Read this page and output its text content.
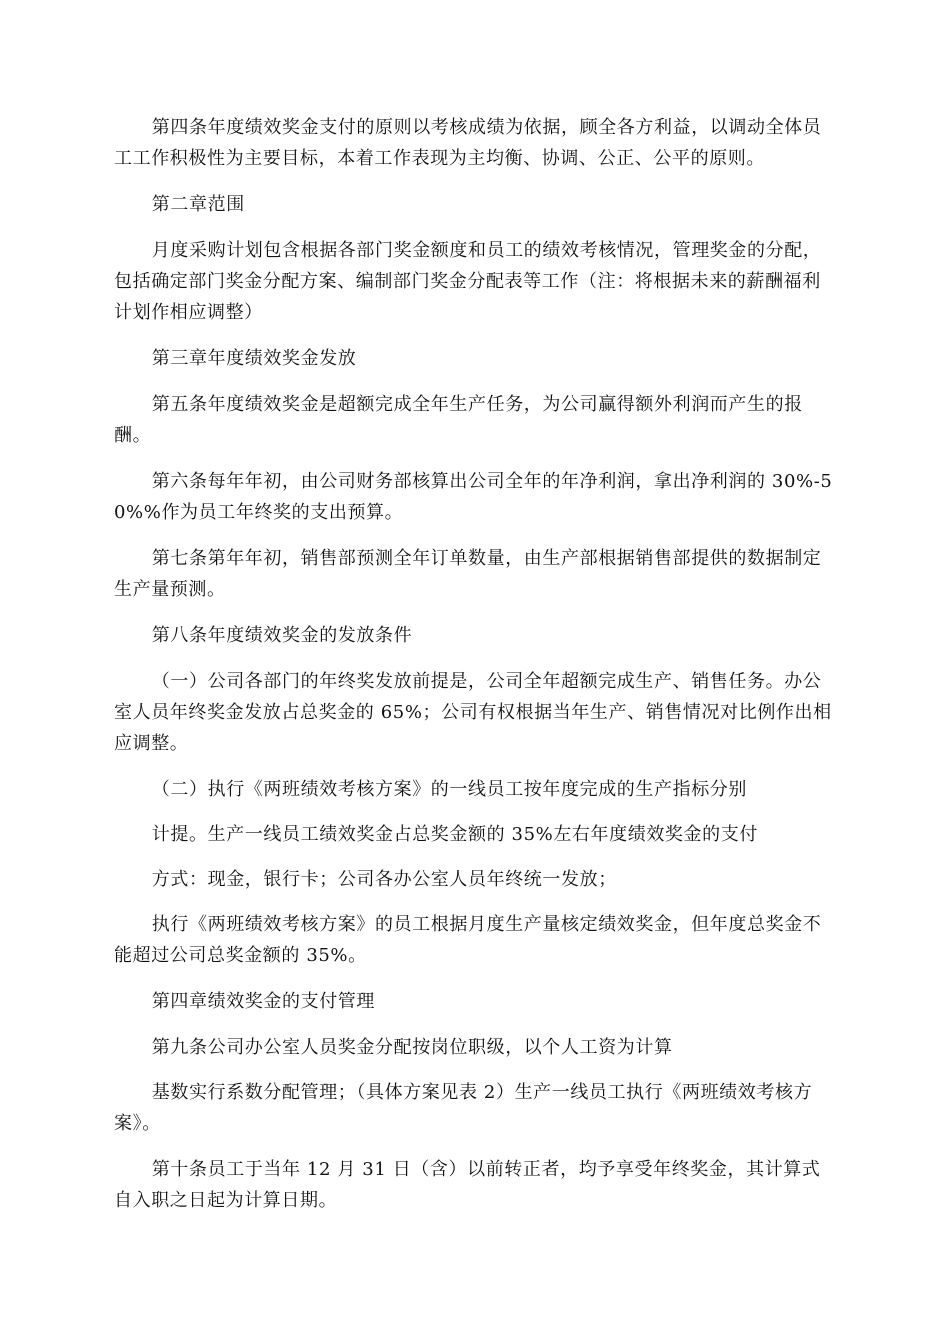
第四条年度绩效奖金支付的原则以考核成绩为依据，顾全各方利益，以调动全体员工工作积极性为主要目标，本着工作表现为主均衡、协调、公正、公平的原则。

第二章范围

月度采购计划包含根据各部门奖金额度和员工的绩效考核情况，管理奖金的分配，包括确定部门奖金分配方案、编制部门奖金分配表等工作（注：将根据未来的薪酬福利计划作相应调整）

第三章年度绩效奖金发放

第五条年度绩效奖金是超额完成全年生产任务，为公司赢得额外利润而产生的报酬。

第六条每年年初，由公司财务部核算出公司全年的年净利润，拿出净利润的 30%-50%%作为员工年终奖的支出预算。

第七条第年年初，销售部预测全年订单数量，由生产部根据销售部提供的数据制定生产量预测。

第八条年度绩效奖金的发放条件

（一）公司各部门的年终奖发放前提是，公司全年超额完成生产、销售任务。办公室人员年终奖金发放占总奖金的 65%；公司有权根据当年生产、销售情况对比例作出相应调整。

（二）执行《两班绩效考核方案》的一线员工按年度完成的生产指标分别

计提。生产一线员工绩效奖金占总奖金额的 35%左右年度绩效奖金的支付

方式：现金，银行卡；公司各办公室人员年终统一发放；

执行《两班绩效考核方案》的员工根据月度生产量核定绩效奖金，但年度总奖金不能超过公司总奖金额的 35%。

第四章绩效奖金的支付管理

第九条公司办公室人员奖金分配按岗位职级，以个人工资为计算

基数实行系数分配管理；（具体方案见表 2）生产一线员工执行《两班绩效考核方案》。

第十条员工于当年 12 月 31 日（含）以前转正者，均予享受年终奖金，其计算式自入职之日起为计算日期。
